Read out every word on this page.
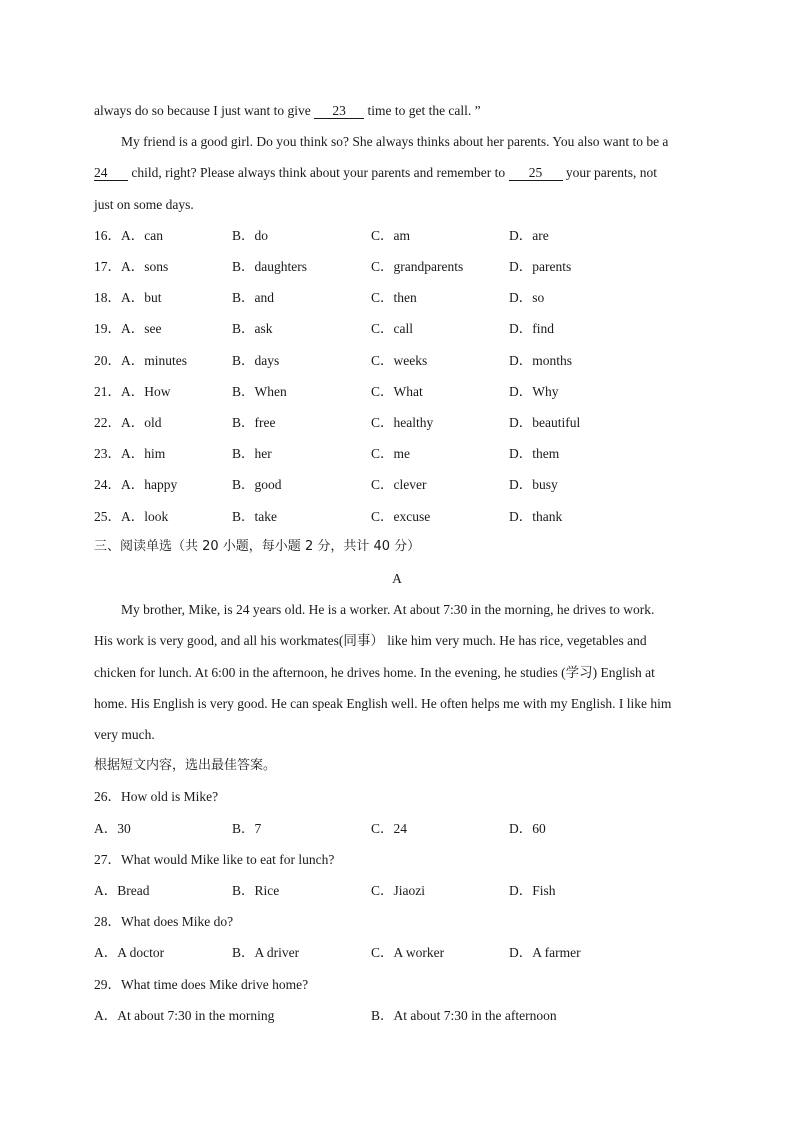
always do so because I just want to give 23 time to get the call. ”
My friend is a good girl. Do you think so? She always thinks about her parents. You also want to be a
24 child, right? Please always think about your parents and remember to 25 your parents, not
just on some days.
16．A．can	B．do	C．am	D．are
17．A．sons	B．daughters	C．grandparents	D．parents
18．A．but	B．and	C．then	D．so
19．A．see	B．ask	C．call	D．find
20．A．minutes	B．days	C．weeks	D．months
21．A．How	B．When	C．What	D．Why
22．A．old	B．free	C．healthy	D．beautiful
23．A．him	B．her	C．me	D．them
24．A．happy	B．good	C．clever	D．busy
25．A．look	B．take	C．excuse	D．thank
三、阅读单选（共 20 小题，每小题 2 分，共计 40 分）
A
My brother, Mike, is 24 years old. He is a worker. At about 7:30 in the morning, he drives to work.
His work is very good, and all his workmates(同事） like him very much. He has rice, vegetables and
chicken for lunch. At 6:00 in the afternoon, he drives home. In the evening, he studies (学习) English at
home. His English is very good. He can speak English well. He often helps me with my English. I like him
very much.
根据短文内容，选出最佳答案。
26．How old is Mike?
A．30	B．7	C．24	D．60
27．What would Mike like to eat for lunch?
A．Bread	B．Rice	C．Jiaozi	D．Fish
28．What does Mike do?
A．A doctor	B．A driver	C．A worker	D．A farmer
29．What time does Mike drive home?
A．At about 7:30 in the morning	B．At about 7:30 in the afternoon
